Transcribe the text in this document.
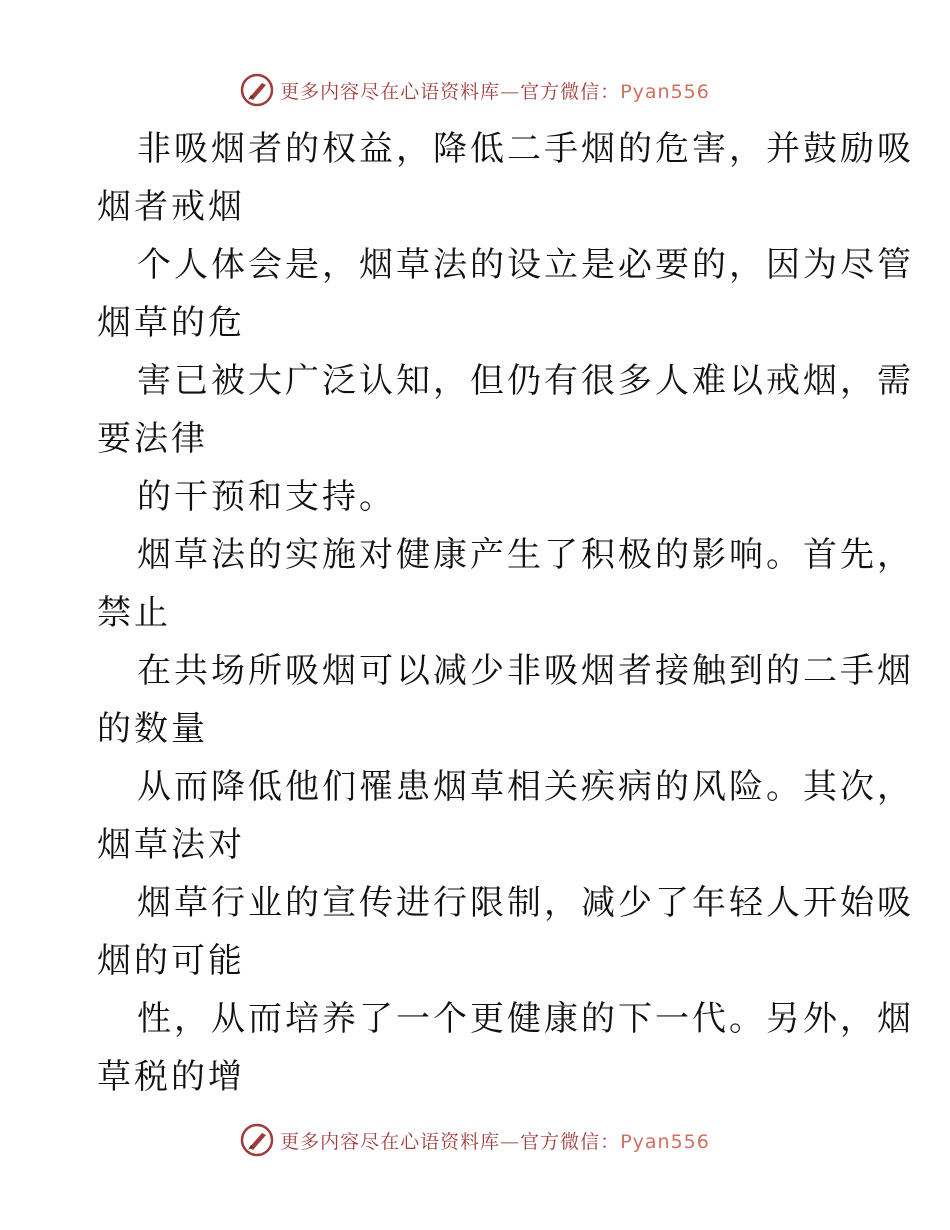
更多内容尽在心语资料库—官方微信：Pyan556
非吸烟者的权益，降低二手烟的危害，并鼓励吸
烟者戒烟
个人体会是，烟草法的设立是必要的，因为尽管
烟草的危
害已被大广泛认知，但仍有很多人难以戒烟，需
要法律
的干预和支持。
烟草法的实施对健康产生了积极的影响。首先，
禁止
在共场所吸烟可以减少非吸烟者接触到的二手烟
的数量
从而降低他们罹患烟草相关疾病的风险。其次，
烟草法对
烟草行业的宣传进行限制，减少了年轻人开始吸
烟的可能
性，从而培养了一个更健康的下一代。另外，烟
草税的增
更多内容尽在心语资料库—官方微信：Pyan556
